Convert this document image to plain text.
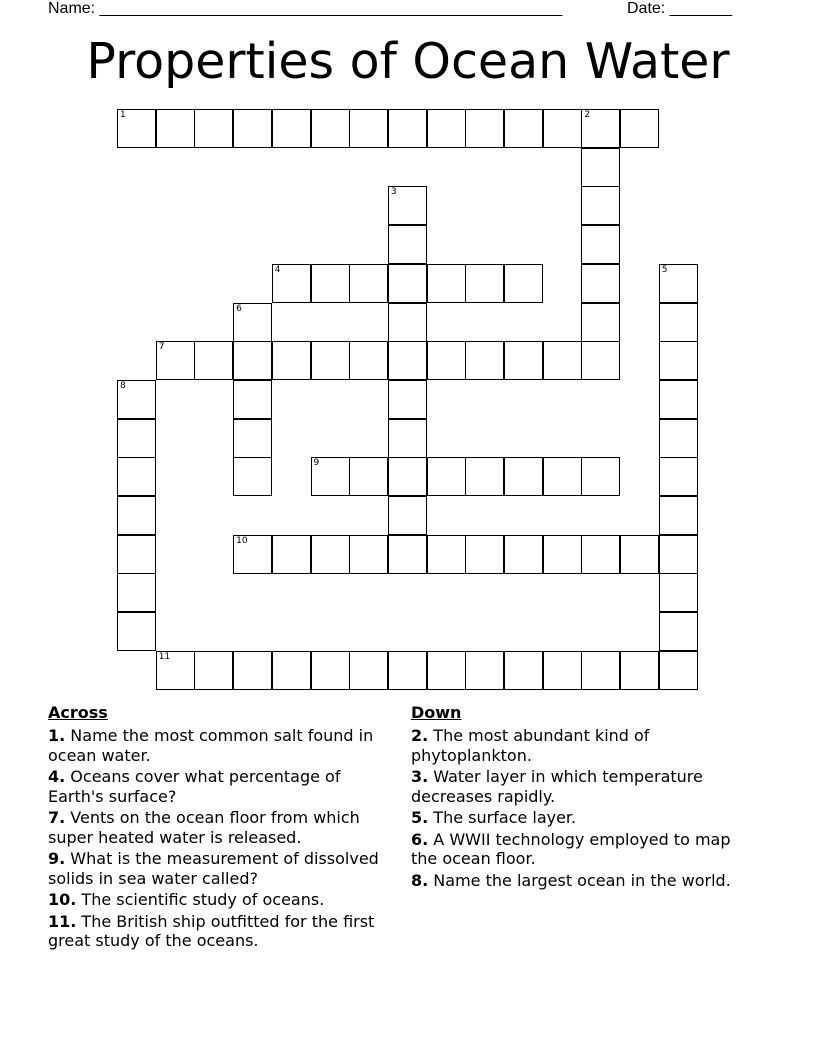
Name: ____________________________________________________	Date: _______
Properties of Ocean Water
1	2
3
4	5
6
7
8
9
10
11
Across
1. Name the most common salt found in ocean water.
4. Oceans cover what percentage of Earth's surface?
7. Vents on the ocean floor from which super heated water is released.
9. What is the measurement of dissolved solids in sea water called?
10. The scientific study of oceans.
11. The British ship outfitted for the first great study of the oceans.
Down
2. The most abundant kind of phytoplankton.
3. Water layer in which temperature decreases rapidly.
5. The surface layer.
6. A WWII technology employed to map the ocean floor.
8. Name the largest ocean in the world.
